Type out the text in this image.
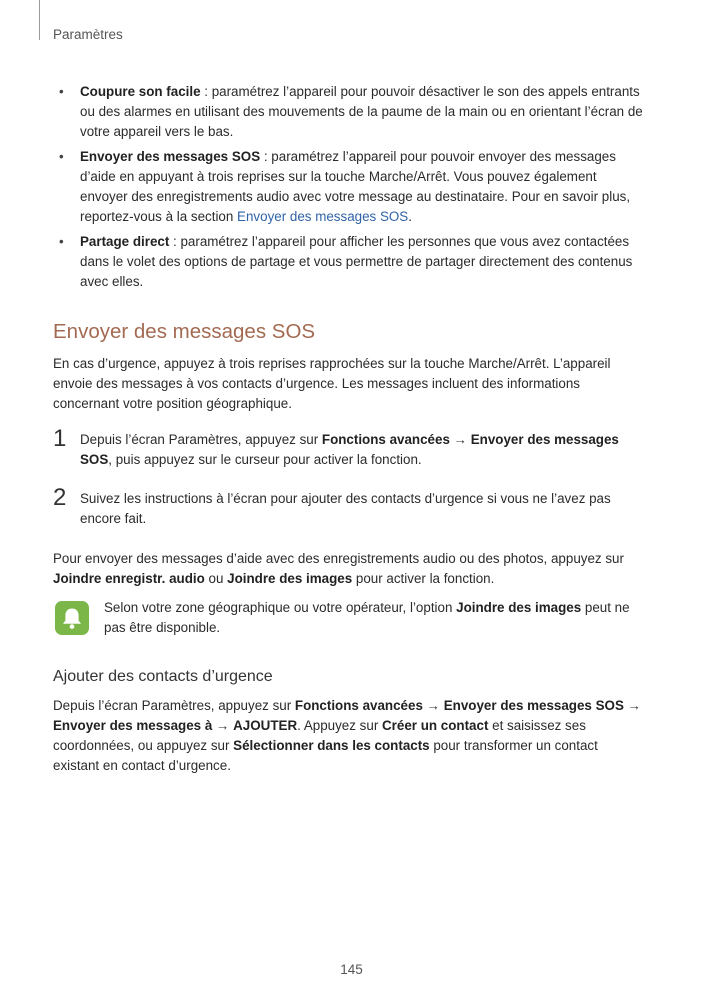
Paramètres
• Coupure son facile : paramétrez l’appareil pour pouvoir désactiver le son des appels entrants ou des alarmes en utilisant des mouvements de la paume de la main ou en orientant l’écran de votre appareil vers le bas.
• Envoyer des messages SOS : paramétrez l’appareil pour pouvoir envoyer des messages d’aide en appuyant à trois reprises sur la touche Marche/Arrêt. Vous pouvez également envoyer des enregistrements audio avec votre message au destinataire. Pour en savoir plus, reportez-vous à la section Envoyer des messages SOS.
• Partage direct : paramétrez l’appareil pour afficher les personnes que vous avez contactées dans le volet des options de partage et vous permettre de partager directement des contenus avec elles.
Envoyer des messages SOS

En cas d’urgence, appuyez à trois reprises rapprochées sur la touche Marche/Arrêt. L’appareil envoie des messages à vos contacts d’urgence. Les messages incluent des informations concernant votre position géographique.

1 Depuis l’écran Paramètres, appuyez sur Fonctions avancées → Envoyer des messages SOS, puis appuyez sur le curseur pour activer la fonction.
2 Suivez les instructions à l’écran pour ajouter des contacts d’urgence si vous ne l’avez pas encore fait.

Pour envoyer des messages d’aide avec des enregistrements audio ou des photos, appuyez sur Joindre enregistr. audio ou Joindre des images pour activer la fonction.

Selon votre zone géographique ou votre opérateur, l’option Joindre des images peut ne pas être disponible.
Ajouter des contacts d’urgence

Depuis l’écran Paramètres, appuyez sur Fonctions avancées → Envoyer des messages SOS → Envoyer des messages à → AJOUTER. Appuyez sur Créer un contact et saisissez ses coordonnées, ou appuyez sur Sélectionner dans les contacts pour transformer un contact existant en contact d’urgence.

145
